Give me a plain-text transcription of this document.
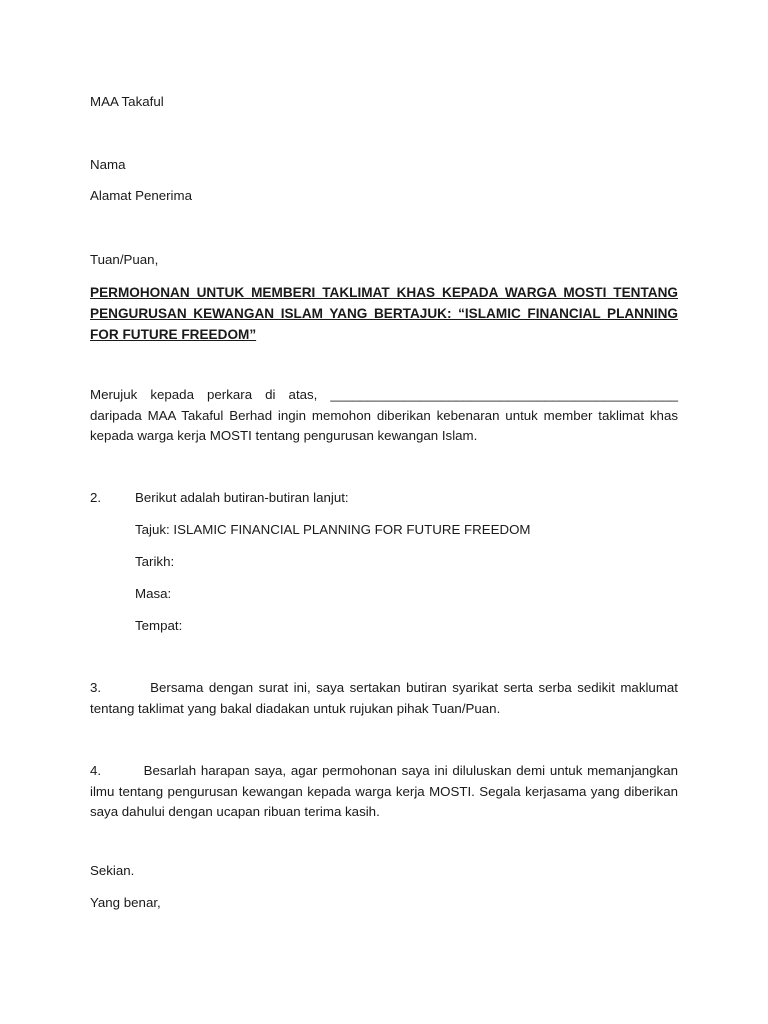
MAA Takaful
Nama
Alamat Penerima
Tuan/Puan,
PERMOHONAN UNTUK MEMBERI TAKLIMAT KHAS KEPADA WARGA MOSTI TENTANG PENGURUSAN KEWANGAN ISLAM YANG BERTAJUK: “ISLAMIC FINANCIAL PLANNING FOR FUTURE FREEDOM”
Merujuk kepada perkara di atas, _______________________________________________ daripada MAA Takaful Berhad ingin memohon diberikan kebenaran untuk member taklimat khas kepada warga kerja MOSTI tentang pengurusan kewangan Islam.
2.	Berikut adalah butiran-butiran lanjut:
Tajuk: ISLAMIC FINANCIAL PLANNING FOR FUTURE FREEDOM
Tarikh:
Masa:
Tempat:
3.         Bersama dengan surat ini, saya sertakan butiran syarikat serta serba sedikit maklumat tentang taklimat yang bakal diadakan untuk rujukan pihak Tuan/Puan.
4.         Besarlah harapan saya, agar permohonan saya ini diluluskan demi untuk memanjangkan ilmu tentang pengurusan kewangan kepada warga kerja MOSTI. Segala kerjasama yang diberikan saya dahului dengan ucapan ribuan terima kasih.
Sekian.
Yang benar,
